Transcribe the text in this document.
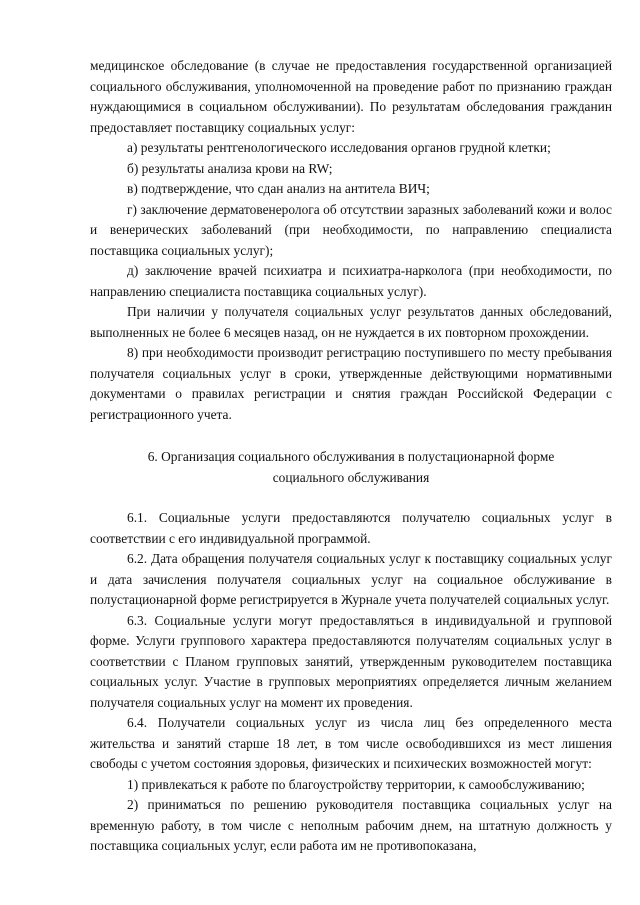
медицинское обследование (в случае не предоставления государственной организацией социального обслуживания, уполномоченной на проведение работ по признанию граждан нуждающимися в социальном обслуживании). По результатам обследования гражданин предоставляет поставщику социальных услуг:

а) результаты рентгенологического исследования органов грудной клетки;

б) результаты анализа крови на RW;

в) подтверждение, что сдан анализ на антитела ВИЧ;

г) заключение дерматовенеролога об отсутствии заразных заболеваний кожи и волос и венерических заболеваний (при необходимости, по направлению специалиста поставщика социальных услуг);

д) заключение врачей психиатра и психиатра-нарколога (при необходимости, по направлению специалиста поставщика социальных услуг).

При наличии у получателя социальных услуг результатов данных обследований, выполненных не более 6 месяцев назад, он не нуждается в их повторном прохождении.

8) при необходимости производит регистрацию поступившего по месту пребывания получателя социальных услуг в сроки, утвержденные действующими нормативными документами о правилах регистрации и снятия граждан Российской Федерации с регистрационного учета.

6. Организация социального обслуживания в полустационарной форме социального обслуживания

6.1. Социальные услуги предоставляются получателю социальных услуг в соответствии с его индивидуальной программой.

6.2. Дата обращения получателя социальных услуг к поставщику социальных услуг и дата зачисления получателя социальных услуг на социальное обслуживание в полустационарной форме регистрируется в Журнале учета получателей социальных услуг.

6.3. Социальные услуги могут предоставляться в индивидуальной и групповой форме. Услуги группового характера предоставляются получателям социальных услуг в соответствии с Планом групповых занятий, утвержденным руководителем поставщика социальных услуг. Участие в групповых мероприятиях определяется личным желанием получателя социальных услуг на момент их проведения.

6.4. Получатели социальных услуг из числа лиц без определенного места жительства и занятий старше 18 лет, в том числе освободившихся из мест лишения свободы с учетом состояния здоровья, физических и психических возможностей могут:

1) привлекаться к работе по благоустройству территории, к самообслуживанию;

2) приниматься по решению руководителя поставщика социальных услуг на временную работу, в том числе с неполным рабочим днем, на штатную должность у поставщика социальных услуг, если работа им не противопоказана,
